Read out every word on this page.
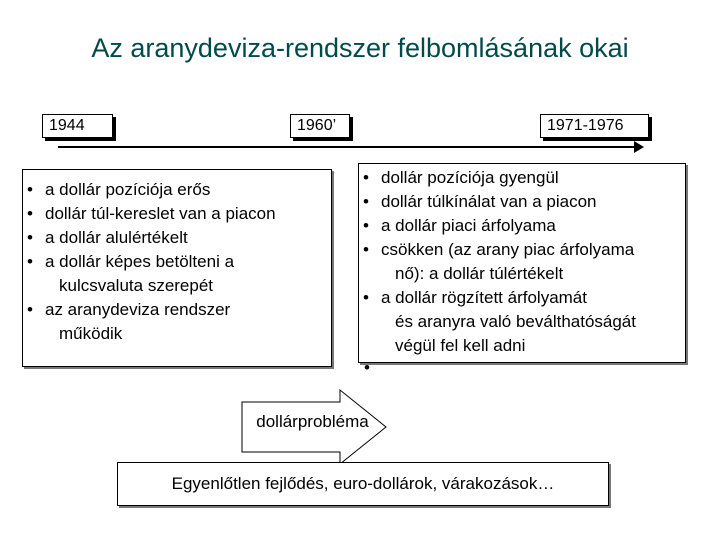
Az aranydeviza-rendszer felbomlásának okai
1944	1960’	1971-1976
• a dollár pozíciója erős
• dollár túl-kereslet van a piacon
• a dollár alulértékelt
• a dollár képes betölteni a
kulcsvaluta szerepét
• az aranydeviza rendszer
működik
• dollár pozíciója gyengül
• dollár túlkínálat van a piacon
• a dollár piaci árfolyama
• csökken (az arany piac árfolyama
nő): a dollár túlértékelt
• a dollár rögzített árfolyamát
és aranyra való beválthatóságát
végül fel kell adni
•
dollárprobléma
Egyenlőtlen fejlődés, euro-dollárok, várakozások…
